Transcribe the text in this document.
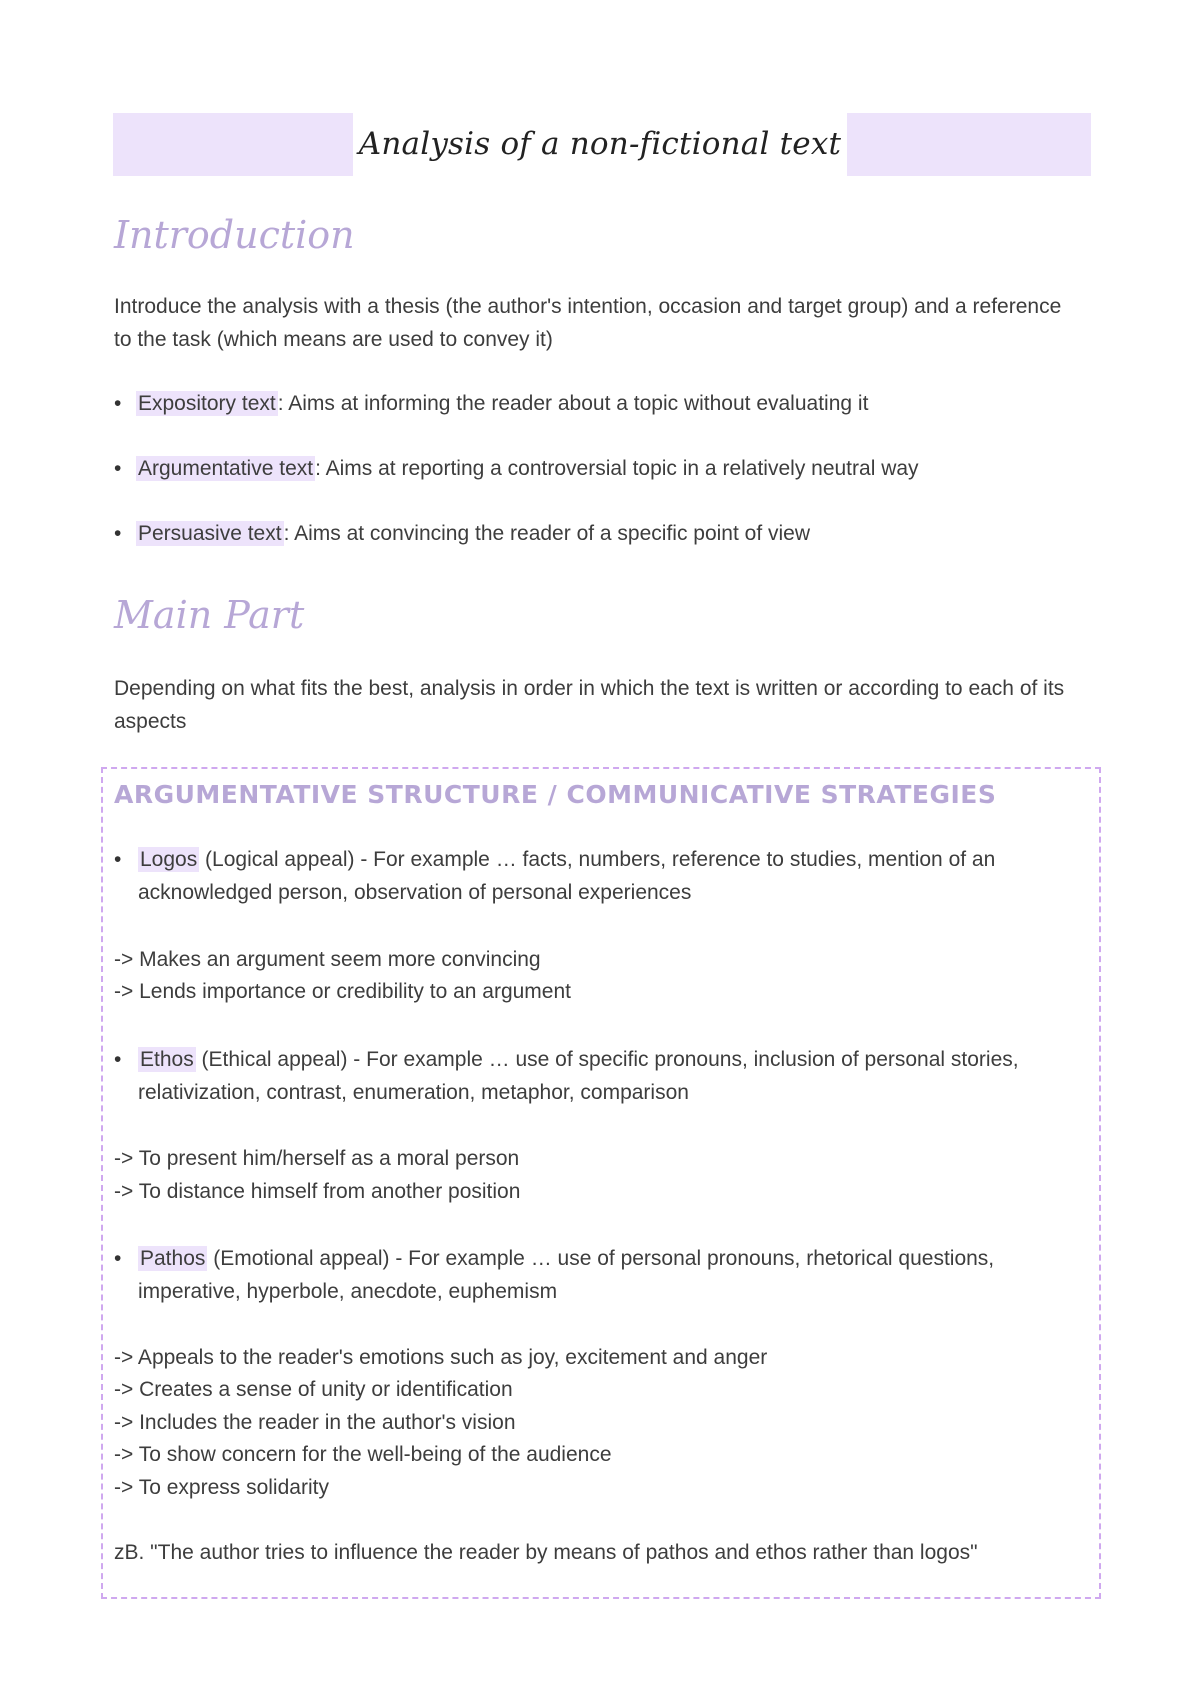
Analysis of a non-fictional text
Introduction

Introduce the analysis with a thesis (the author's intention, occasion and target group) and a reference to the task (which means are used to convey it)

• Expository text: Aims at informing the reader about a topic without evaluating it

• Argumentative text: Aims at reporting a controversial topic in a relatively neutral way

• Persuasive text: Aims at convincing the reader of a specific point of view

Main Part

Depending on what fits the best, analysis in order in which the text is written or according to each of its aspects

ARGUMENTATIVE STRUCTURE / COMMUNICATIVE STRATEGIES

• Logos (Logical appeal) - For example … facts, numbers, reference to studies, mention of an acknowledged person, observation of personal experiences

-> Makes an argument seem more convincing

-> Lends importance or credibility to an argument

• Ethos (Ethical appeal) - For example … use of specific pronouns, inclusion of personal stories, relativization, contrast, enumeration, metaphor, comparison

-> To present him/herself as a moral person

-> To distance himself from another position

• Pathos (Emotional appeal) - For example … use of personal pronouns, rhetorical questions, imperative, hyperbole, anecdote, euphemism

-> Appeals to the reader's emotions such as joy, excitement and anger

-> Creates a sense of unity or identification

-> Includes the reader in the author's vision

-> To show concern for the well-being of the audience

-> To express solidarity

zB. "The author tries to influence the reader by means of pathos and ethos rather than logos"
